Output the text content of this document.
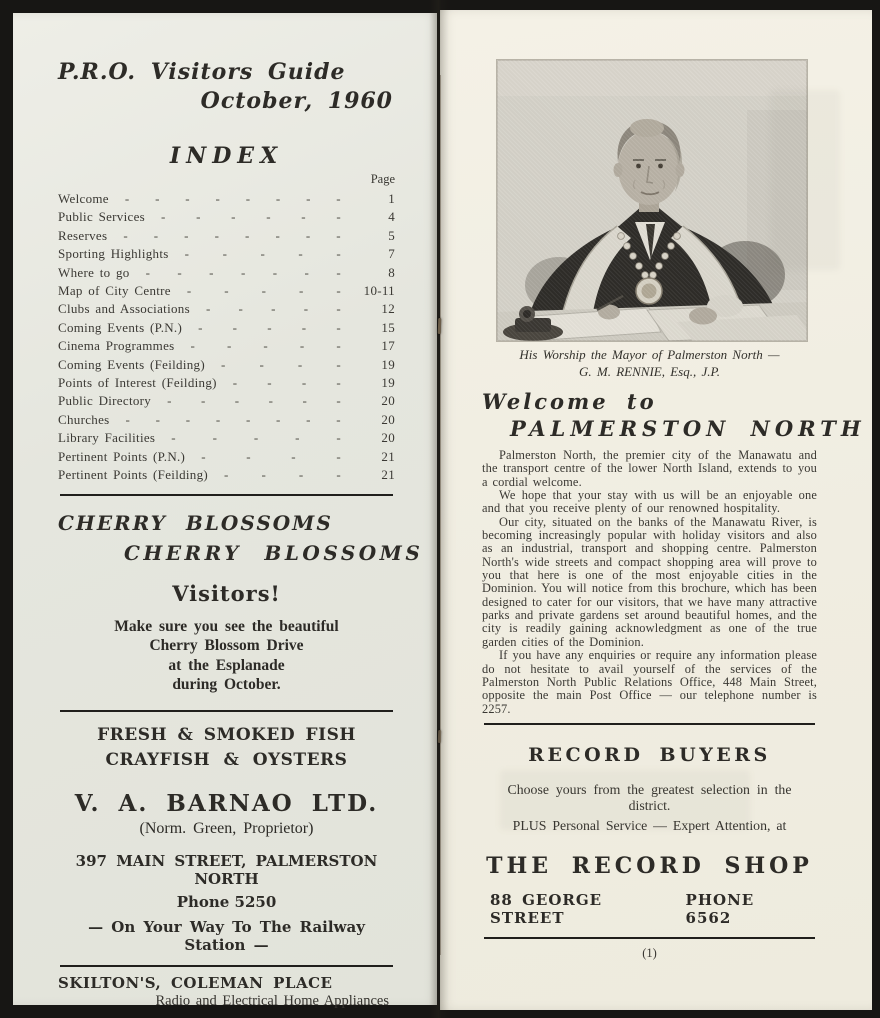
P.R.O. Visitors Guide
October, 1960
INDEX
Page
Welcome - - - - - - - -	1
Public Services - - - - - -	4
Reserves - - - - - - - -	5
Sporting Highlights -	-	-	-	-	7
Where to go - - - - - - -	8
Map of City Centre -	-	-	-	-	10-11
Clubs and Associations - - - - -	12
Coming Events (P.N.) - - - - -	15
Cinema Programmes - - - - -	17
Coming Events (Feilding) -	-	-	-	19
Points of Interest (Feilding) - - - -	19
Public Directory - - - - - -	20
Churches - - - - - - - -	20
Library Facilities -	-	-	-	-	20
Pertinent Points (P.N.) -	-	-	-	21
Pertinent Points (Feilding) -	-	-	-	21
CHERRY BLOSSOMS
CHERRY BLOSSOMS
Visitors!
Make sure you see the beautiful
Cherry Blossom Drive
at the Esplanade
during October.
FRESH & SMOKED FISH
CRAYFISH & OYSTERS
V. A. BARNAO LTD.
(Norm. Green, Proprietor)
397 MAIN STREET, PALMERSTON NORTH
Phone 5250
— On Your Way To The Railway Station —
SKILTON'S, COLEMAN PLACE
Radio and Electrical Home Appliances
His Worship the Mayor of Palmerston North —
G. M. RENNIE, Esq., J.P.
Welcome to
PALMERSTON NORTH

Palmerston North, the premier city of the Manawatu and the transport centre of the lower North Island, extends to you a cordial welcome.

We hope that your stay with us will be an enjoyable one and that you receive plenty of our renowned hospitality.

Our city, situated on the banks of the Manawatu River, is becoming increasingly popular with holiday visitors and also as an industrial, transport and shopping centre. Palmerston North's wide streets and compact shopping area will prove to you that here is one of the most enjoyable cities in the Dominion. You will notice from this brochure, which has been designed to cater for our visitors, that we have many attractive parks and private gardens set around beautiful homes, and the city is readily gaining acknowledgment as one of the true garden cities of the Dominion.

If you have any enquiries or require any information please do not hesitate to avail yourself of the services of the Palmerston North Public Relations Office, 448 Main Street, opposite the main Post Office — our telephone number is 2257.

RECORD BUYERS
Choose yours from the greatest selection in the district.
PLUS Personal Service — Expert Attention, at
THE RECORD SHOP
88 GEORGE STREET
PHONE 6562
(1)
